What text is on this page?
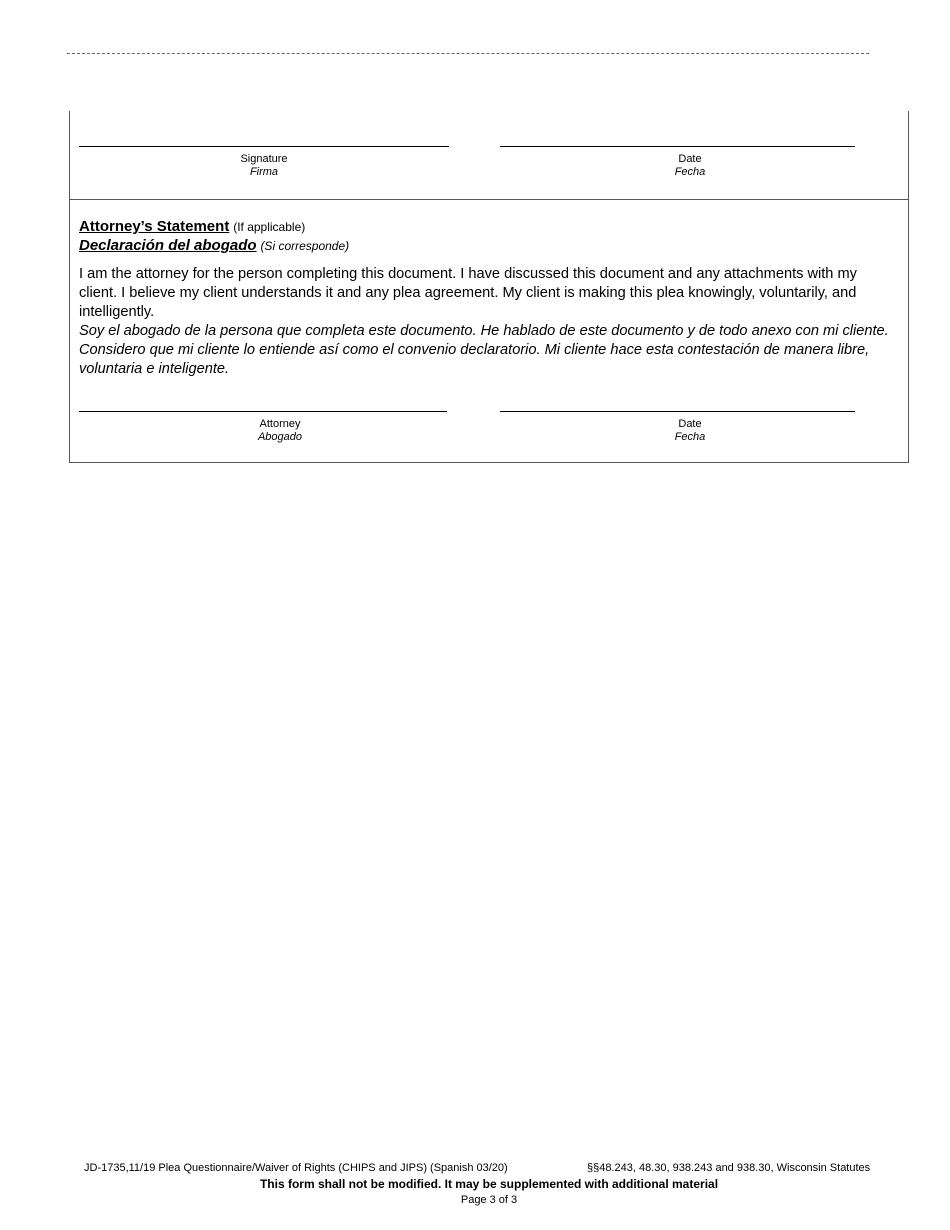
Signature
Firma
Date
Fecha
Attorney’s Statement (If applicable)
Declaración del abogado (Si corresponde)
I am the attorney for the person completing this document. I have discussed this document and any attachments with my client. I believe my client understands it and any plea agreement. My client is making this plea knowingly, voluntarily, and intelligently.
Soy el abogado de la persona que completa este documento. He hablado de este documento y de todo anexo con mi cliente. Considero que mi cliente lo entiende así como el convenio declaratorio. Mi cliente hace esta contestación de manera libre, voluntaria e inteligente.
Attorney
Abogado
Date
Fecha
JD-1735,11/19 Plea Questionnaire/Waiver of Rights (CHIPS and JIPS) (Spanish 03/20)	§§48.243, 48.30, 938.243 and 938.30, Wisconsin Statutes
This form shall not be modified. It may be supplemented with additional material
Page 3 of 3
